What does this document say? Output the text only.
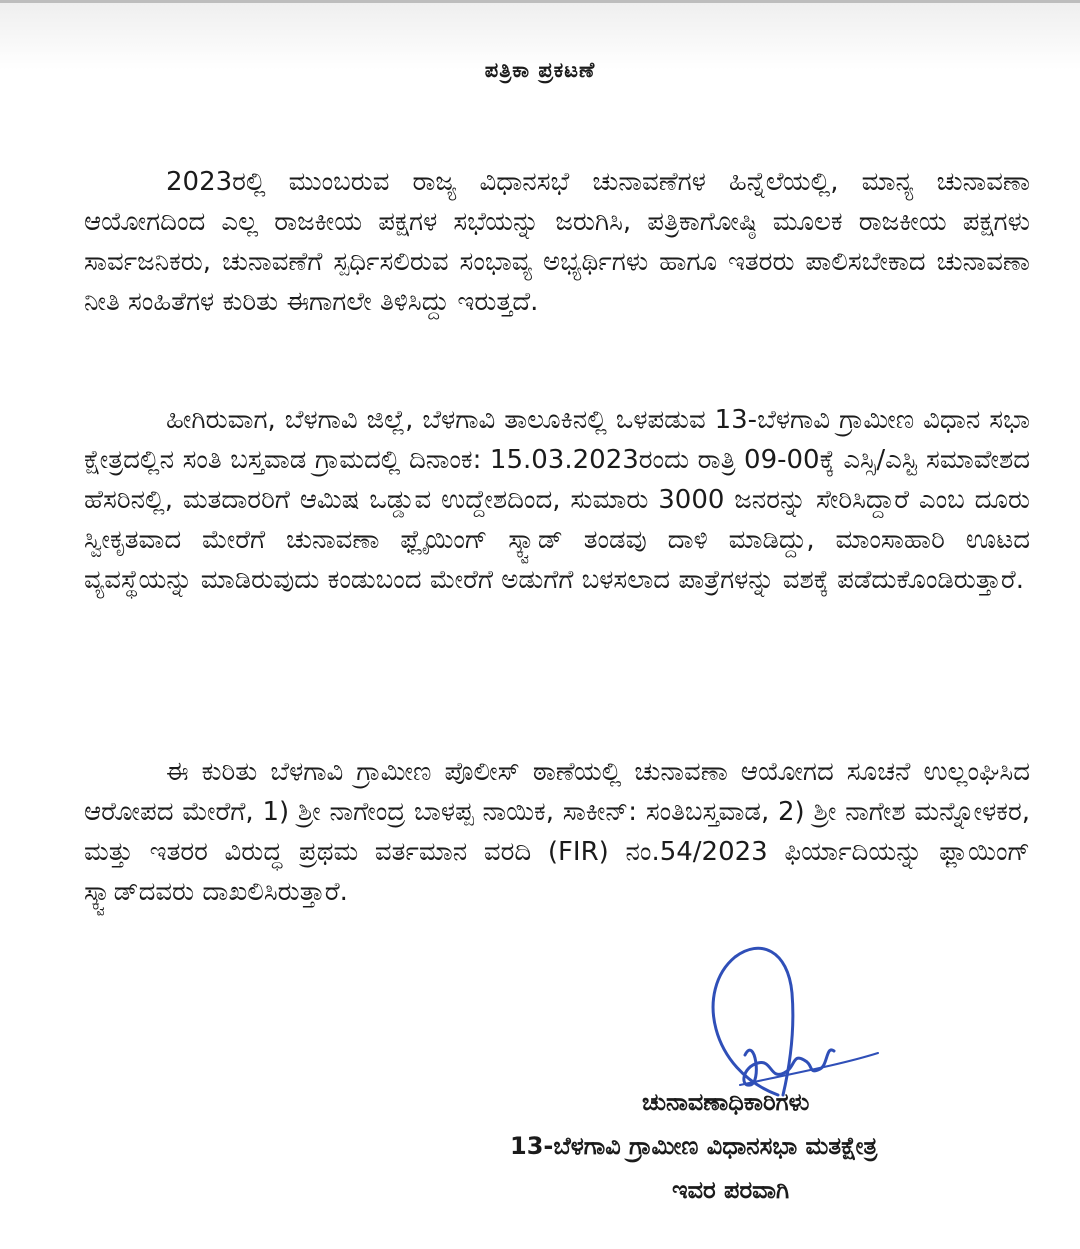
ಪತ್ರಿಕಾ ಪ್ರಕಟಣೆ

2023ರಲ್ಲಿ ಮುಂಬರುವ ರಾಜ್ಯ ವಿಧಾನಸಭೆ ಚುನಾವಣೆಗಳ ಹಿನ್ನೆಲೆಯಲ್ಲಿ, ಮಾನ್ಯ ಚುನಾವಣಾ ಆಯೋಗದಿಂದ ಎಲ್ಲ ರಾಜಕೀಯ ಪಕ್ಷಗಳ ಸಭೆಯನ್ನು ಜರುಗಿಸಿ, ಪತ್ರಿಕಾಗೋಷ್ಠಿ ಮೂಲಕ ರಾಜಕೀಯ ಪಕ್ಷಗಳು ಸಾರ್ವಜನಿಕರು, ಚುನಾವಣೆಗೆ ಸ್ಪರ್ಧಿಸಲಿರುವ ಸಂಭಾವ್ಯ ಅಭ್ಯರ್ಥಿಗಳು ಹಾಗೂ ಇತರರು ಪಾಲಿಸಬೇಕಾದ ಚುನಾವಣಾ ನೀತಿ ಸಂಹಿತೆಗಳ ಕುರಿತು ಈಗಾಗಲೇ ತಿಳಿಸಿದ್ದು ಇರುತ್ತದೆ.

ಹೀಗಿರುವಾಗ, ಬೆಳಗಾವಿ ಜಿಲ್ಲೆ, ಬೆಳಗಾವಿ ತಾಲೂಕಿನಲ್ಲಿ ಒಳಪಡುವ 13-ಬೆಳಗಾವಿ ಗ್ರಾಮೀಣ ವಿಧಾನ ಸಭಾ ಕ್ಷೇತ್ರದಲ್ಲಿನ ಸಂತಿ ಬಸ್ತವಾಡ ಗ್ರಾಮದಲ್ಲಿ ದಿನಾಂಕ: 15.03.2023ರಂದು ರಾತ್ರಿ 09-00ಕ್ಕೆ ಎಸ್ಸಿ/ಎಸ್ಟಿ ಸಮಾವೇಶದ ಹೆಸರಿನಲ್ಲಿ, ಮತದಾರರಿಗೆ ಆಮಿಷ ಒಡ್ಡುವ ಉದ್ದೇಶದಿಂದ, ಸುಮಾರು 3000 ಜನರನ್ನು ಸೇರಿಸಿದ್ದಾರೆ ಎಂಬ ದೂರು ಸ್ವೀಕೃತವಾದ ಮೇರೆಗೆ ಚುನಾವಣಾ ಫ್ಲೈಯಿಂಗ್ ಸ್ಕ್ವಾಡ್ ತಂಡವು ದಾಳಿ ಮಾಡಿದ್ದು, ಮಾಂಸಾಹಾರಿ ಊಟದ ವ್ಯವಸ್ಥೆಯನ್ನು ಮಾಡಿರುವುದು ಕಂಡುಬಂದ ಮೇರೆಗೆ ಅಡುಗೆಗೆ ಬಳಸಲಾದ ಪಾತ್ರೆಗಳನ್ನು ವಶಕ್ಕೆ ಪಡೆದುಕೊಂಡಿರುತ್ತಾರೆ.

ಈ ಕುರಿತು ಬೆಳಗಾವಿ ಗ್ರಾಮೀಣ ಪೊಲೀಸ್ ಠಾಣೆಯಲ್ಲಿ ಚುನಾವಣಾ ಆಯೋಗದ ಸೂಚನೆ ಉಲ್ಲಂಘಿಸಿದ ಆರೋಪದ ಮೇರೆಗೆ, 1) ಶ್ರೀ ನಾಗೇಂದ್ರ ಬಾಳಪ್ಪ ನಾಯಿಕ, ಸಾಕೀನ್: ಸಂತಿಬಸ್ತವಾಡ, 2) ಶ್ರೀ ನಾಗೇಶ ಮನ್ನೋಳಕರ, ಮತ್ತು ಇತರರ ವಿರುದ್ಧ ಪ್ರಥಮ ವರ್ತಮಾನ ವರದಿ (FIR) ನಂ.54/2023 ಫಿರ್ಯಾದಿಯನ್ನು ಫ್ಲಾಯಿಂಗ್ ಸ್ಕ್ವಾಡ್‌ದವರು ದಾಖಲಿಸಿರುತ್ತಾರೆ.

ಚುನಾವಣಾಧಿಕಾರಿಗಳು
13-ಬೆಳಗಾವಿ ಗ್ರಾಮೀಣ ವಿಧಾನಸಭಾ ಮತಕ್ಷೇತ್ರ
ಇವರ ಪರವಾಗಿ
